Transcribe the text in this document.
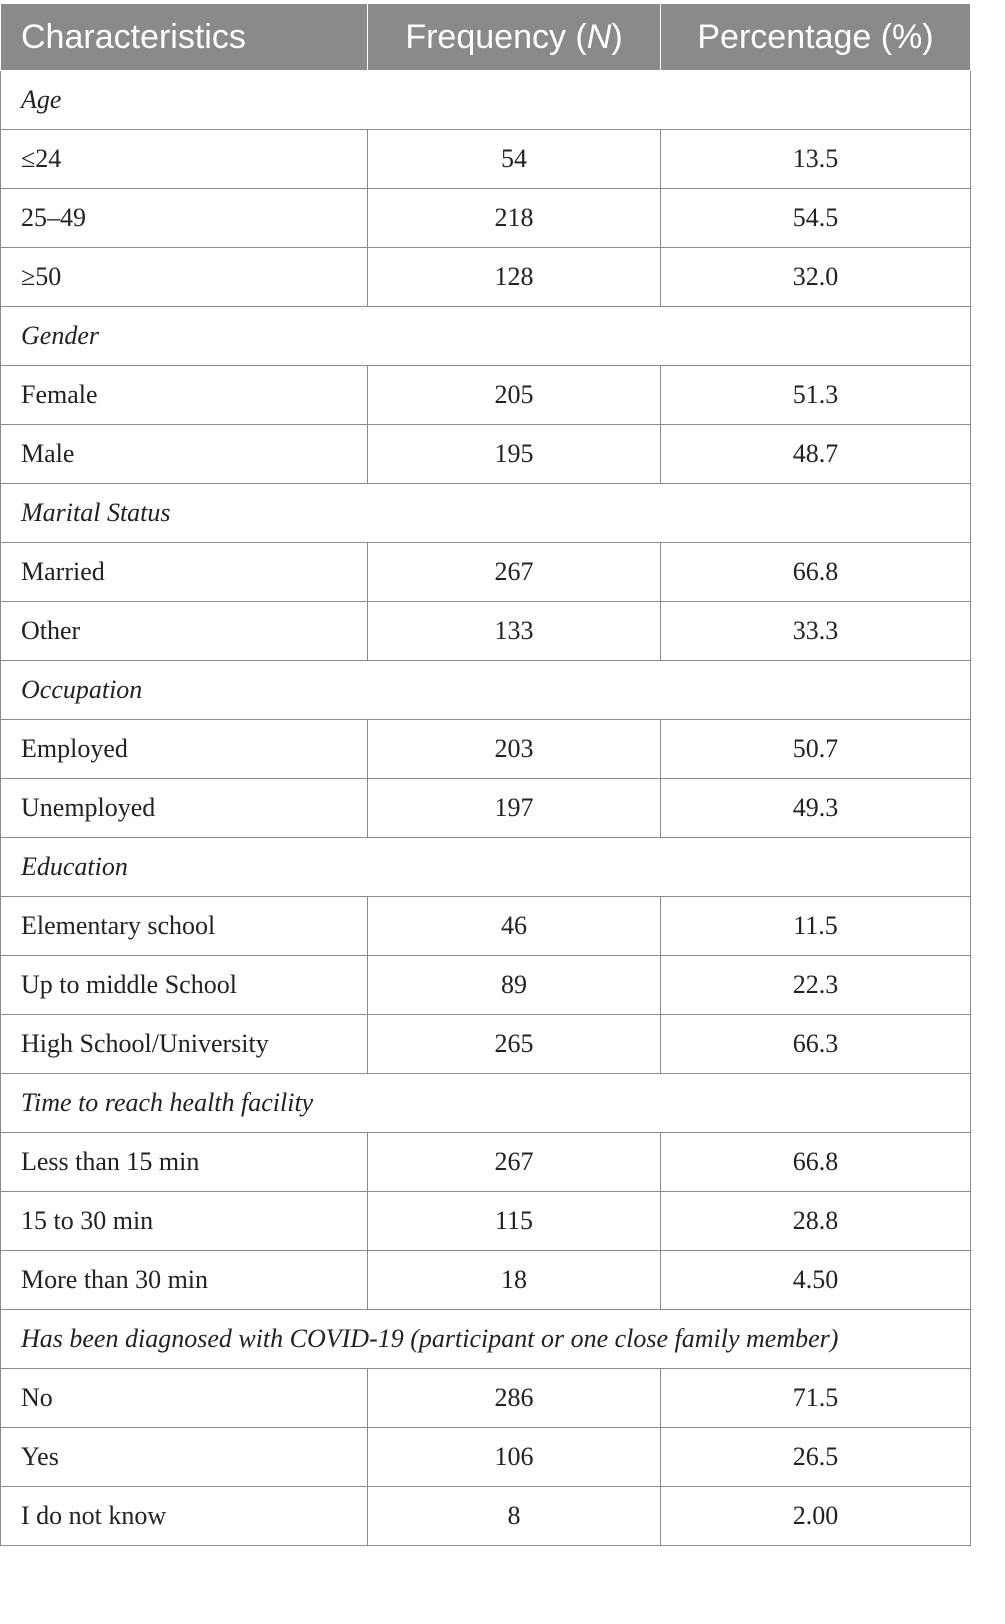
Characteristics	Frequency (N)	Percentage (%)
Age		
≤24	54	13.5
25–49	218	54.5
≥50	128	32.0
Gender		
Female	205	51.3
Male	195	48.7
Marital Status		
Married	267	66.8
Other	133	33.3
Occupation		
Employed	203	50.7
Unemployed	197	49.3
Education		
Elementary school	46	11.5
Up to middle School	89	22.3
High School/University	265	66.3
Time to reach health facility		
Less than 15 min	267	66.8
15 to 30 min	115	28.8
More than 30 min	18	4.50
Has been diagnosed with COVID-19 (participant or one close family member)		
No	286	71.5
Yes	106	26.5
I do not know	8	2.00
